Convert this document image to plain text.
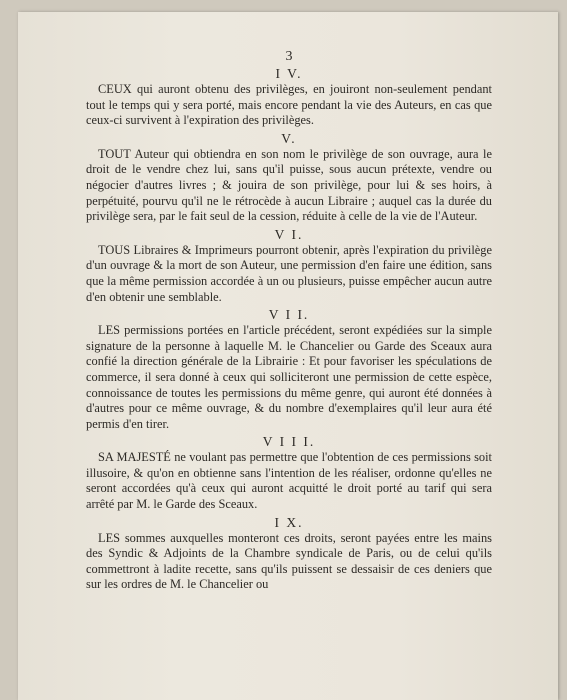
3
I V.

CEUX qui auront obtenu des privilèges, en jouiront non-seulement pendant tout le temps qui y sera porté, mais encore pendant la vie des Auteurs, en cas que ceux-ci survivent à l'expiration des privilèges.

V.

TOUT Auteur qui obtiendra en son nom le privilège de son ouvrage, aura le droit de le vendre chez lui, sans qu'il puisse, sous aucun prétexte, vendre ou négocier d'autres livres ; & jouira de son privilège, pour lui & ses hoirs, à perpétuité, pourvu qu'il ne le rétrocède à aucun Libraire ; auquel cas la durée du privilège sera, par le fait seul de la cession, réduite à celle de la vie de l'Auteur.

V I.

TOUS Libraires & Imprimeurs pourront obtenir, après l'expiration du privilège d'un ouvrage & la mort de son Auteur, une permission d'en faire une édition, sans que la même permission accordée à un ou plusieurs, puisse empêcher aucun autre d'en obtenir une semblable.

V I I.

LES permissions portées en l'article précédent, seront expédiées sur la simple signature de la personne à laquelle M. le Chancelier ou Garde des Sceaux aura confié la direction générale de la Librairie : Et pour favoriser les spéculations de commerce, il sera donné à ceux qui solliciteront une permission de cette espèce, connoissance de toutes les permissions du même genre, qui auront été données à d'autres pour ce même ouvrage, & du nombre d'exemplaires qu'il leur aura été permis d'en tirer.

V I I I.

SA MAJESTÉ ne voulant pas permettre que l'obtention de ces permissions soit illusoire, & qu'on en obtienne sans l'intention de les réaliser, ordonne qu'elles ne seront accordées qu'à ceux qui auront acquitté le droit porté au tarif qui sera arrêté par M. le Garde des Sceaux.

I X.

LES sommes auxquelles monteront ces droits, seront payées entre les mains des Syndic & Adjoints de la Chambre syndicale de Paris, ou de celui qu'ils commettront à ladite recette, sans qu'ils puissent se dessaisir de ces deniers que sur les ordres de M. le Chancelier ou
